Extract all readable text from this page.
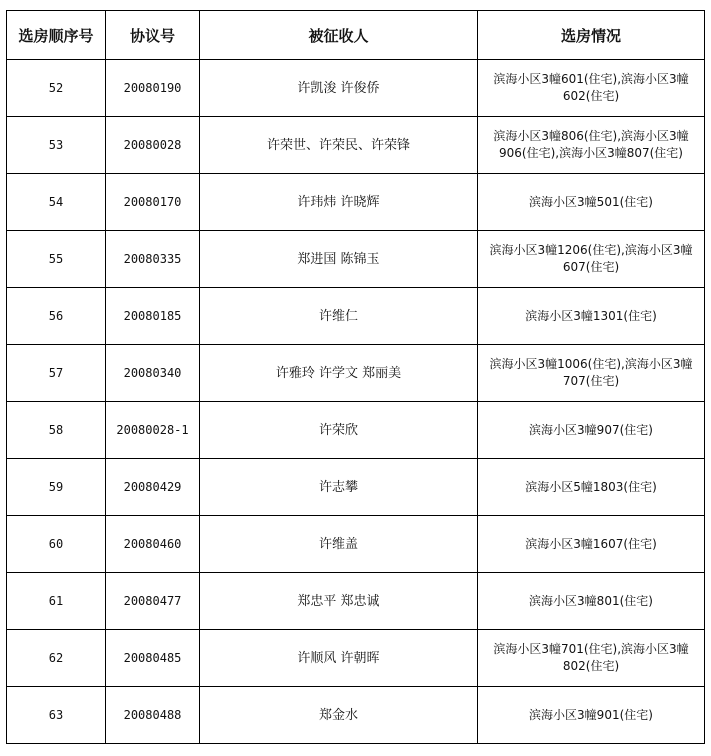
选房顺序号	协议号	被征收人	选房情况
52	20080190	许凯浚 许俊侨	滨海小区3幢601(住宅),滨海小区3幢602(住宅)
53	20080028	许荣世、许荣民、许荣锋	滨海小区3幢806(住宅),滨海小区3幢906(住宅),滨海小区3幢807(住宅)
54	20080170	许玮炜 许晓辉	滨海小区3幢501(住宅)
55	20080335	郑进国 陈锦玉	滨海小区3幢1206(住宅),滨海小区3幢607(住宅)
56	20080185	许维仁	滨海小区3幢1301(住宅)
57	20080340	许雅玲 许学文 郑丽美	滨海小区3幢1006(住宅),滨海小区3幢707(住宅)
58	20080028-1	许荣欣	滨海小区3幢907(住宅)
59	20080429	许志攀	滨海小区5幢1803(住宅)
60	20080460	许维盖	滨海小区3幢1607(住宅)
61	20080477	郑忠平 郑忠诚	滨海小区3幢801(住宅)
62	20080485	许顺风 许朝晖	滨海小区3幢701(住宅),滨海小区3幢802(住宅)
63	20080488	郑金水	滨海小区3幢901(住宅)
